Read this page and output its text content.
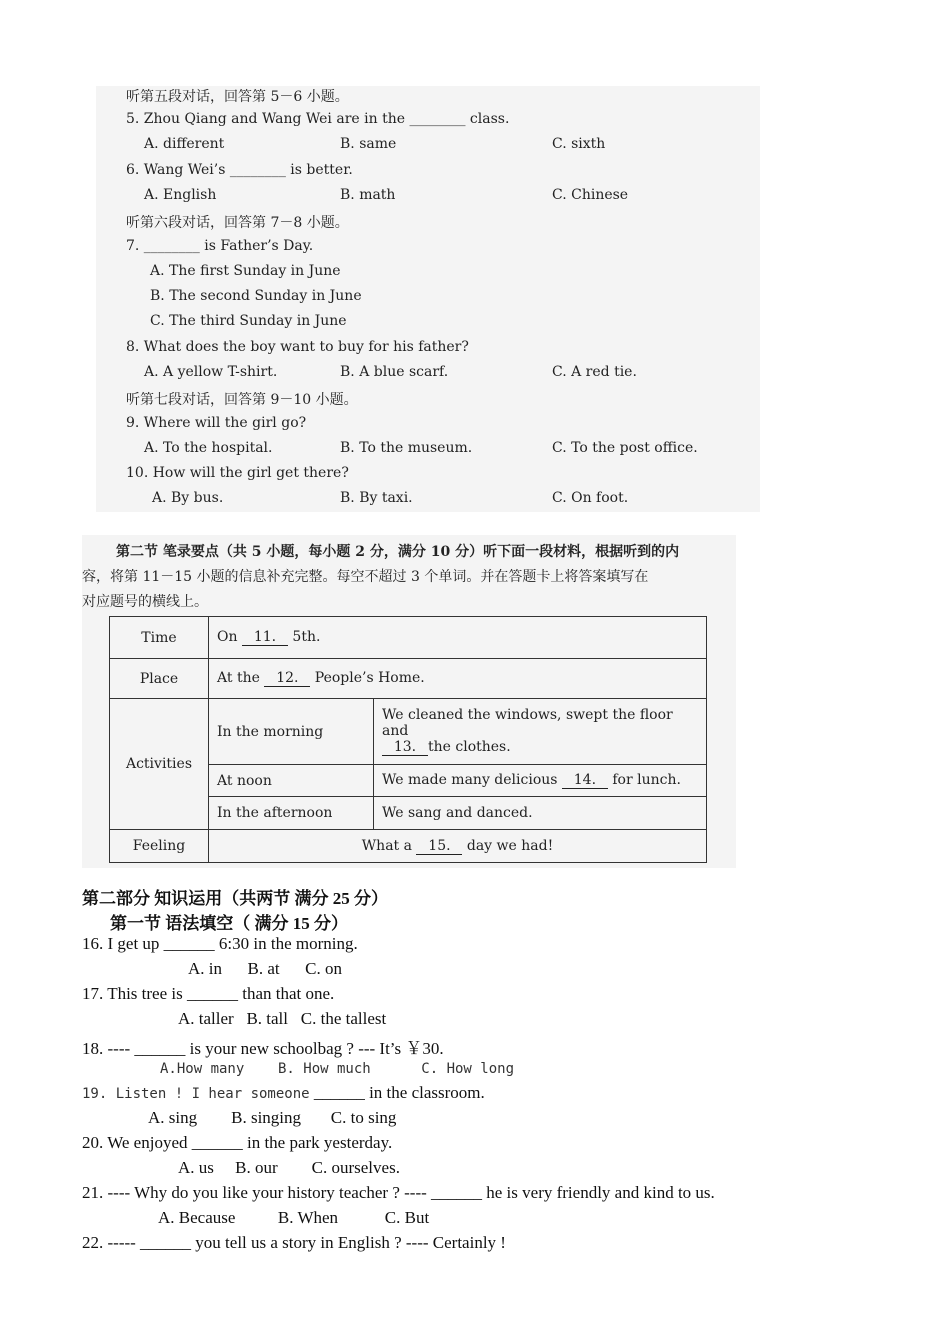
听第五段对话，回答第 5－6 小题。
5. Zhou Qiang and Wang Wei are in the ________ class.
A. different	B. same	C. sixth
6. Wang Wei’s ________ is better.
A. English	B. math	C. Chinese
听第六段对话，回答第 7－8 小题。
7. ________ is Father’s Day.
A. The first Sunday in June
B. The second Sunday in June
C. The third Sunday in June
8. What does the boy want to buy for his father?
A. A yellow T-shirt.	B. A blue scarf.	C. A red tie.
听第七段对话，回答第 9－10 小题。
9. Where will the girl go?
A. To the hospital.	B. To the museum.	C. To the post office.
10. How will the girl get there?
A. By bus.	B. By taxi.	C. On foot.
第二节 笔录要点（共 5 小题，每小题 2 分，满分 10 分）听下面一段材料，根据听到的内
容，将第 11－15 小题的信息补充完整。每空不超过 3 个单词。并在答题卡上将答案填写在
对应题号的横线上。
Time	On 11. 5th.	
Place	At the 12. People’s Home.	
Activities	In the morning	We cleaned the windows, swept the floor and
13. the clothes.

	At noon	We made many delicious 14. for lunch.
	In the afternoon	We sang and danced.
Feeling	What a 15. day we had!	
第二部分 知识运用（共两节 满分 25 分）
第一节 语法填空（ 满分 15 分）
16. I get up ______ 6:30 in the morning.
A. in      B. at      C. on
17. This tree is ______ than that one.
A. taller   B. tall   C. the tallest
18. ---- ______ is your new schoolbag ? --- It’s ￥30.
A.How many    B. How much      C. How long
19. Listen ! I hear someone ______ in the classroom.
A. sing        B. singing       C. to sing
20. We enjoyed ______ in the park yesterday.
A. us     B. our        C. ourselves.
21. ---- Why do you like your history teacher ? ---- ______ he is very friendly and kind to us.
A. Because          B. When           C. But
22. ----- ______ you tell us a story in English ? ---- Certainly !
